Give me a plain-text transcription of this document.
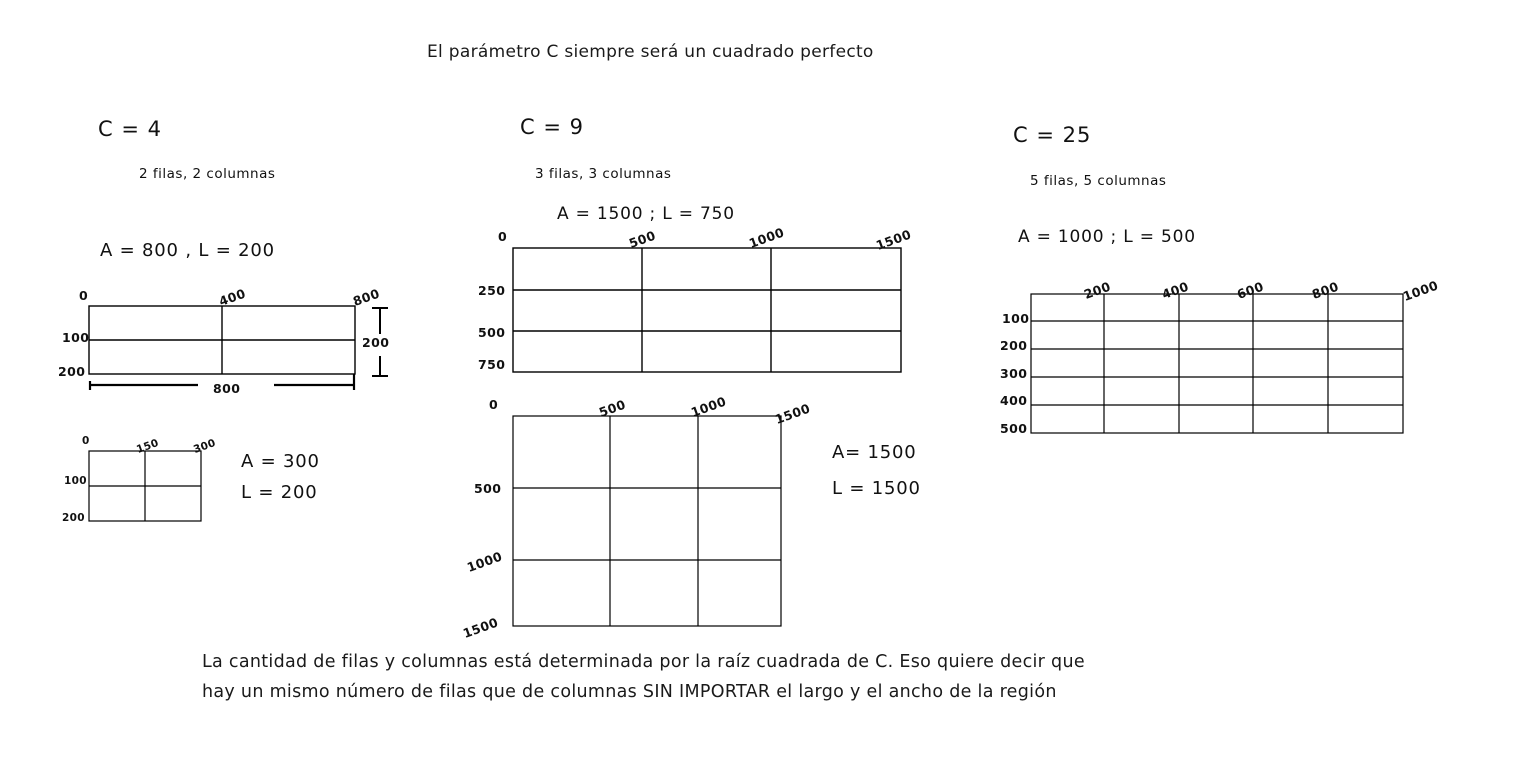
El parámetro C siempre será un cuadrado perfecto
C = 4
2 filas, 2 columnas
A = 800 , L = 200
0	400	800
100
200
800
200
0	150	300
100
200
A = 300
L = 200
C = 9
3 filas, 3 columnas
A = 1500 ; L = 750
0	500	1000	1500
250
500
750
0	500	1000	1500
500
1000
1500
A= 1500
L = 1500
C = 25
5 filas, 5 columnas
A = 1000 ; L = 500
200	400	600	800	1000
100
200
300
400
500
La cantidad de filas y columnas está determinada por la raíz cuadrada de C. Eso quiere decir que
hay un mismo número de filas que de columnas SIN IMPORTAR el largo y el ancho de la región
